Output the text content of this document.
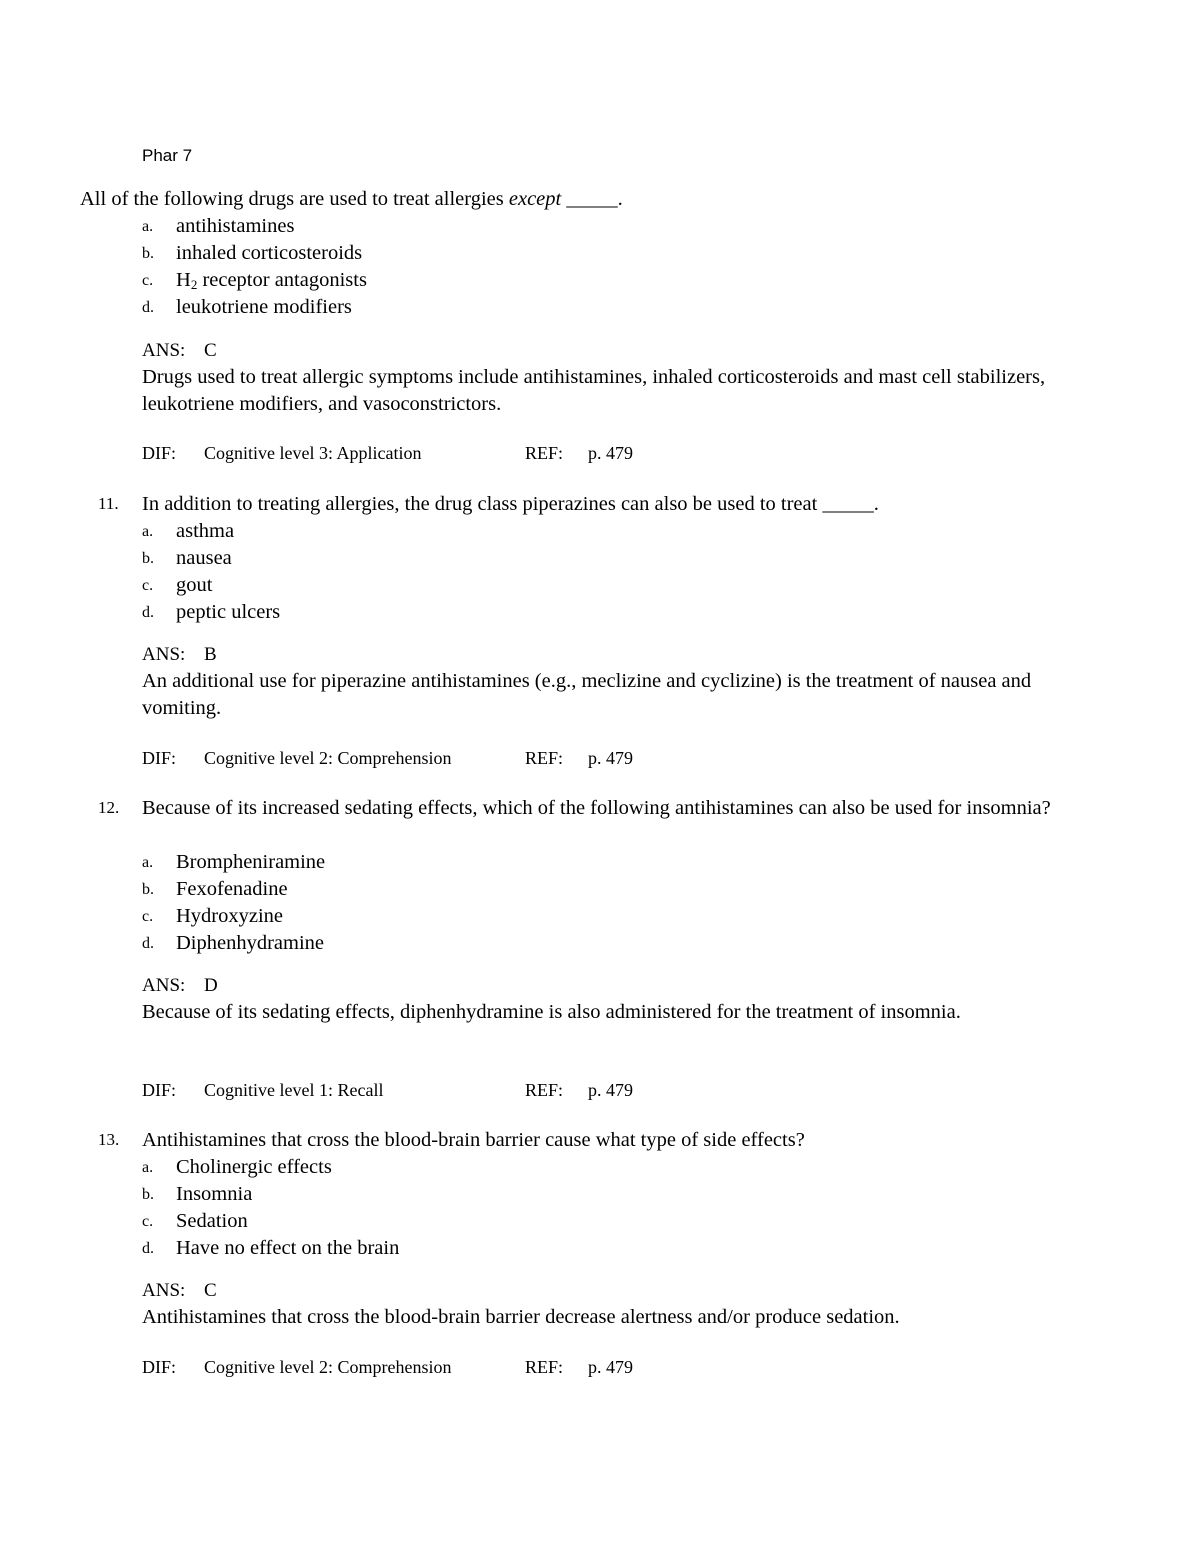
Phar 7
All of the following drugs are used to treat allergies except _____.
a.	antihistamines
b.	inhaled corticosteroids
c.	$H_2$ receptor antagonists
d.	leukotriene modifiers
ANS: C
Drugs used to treat allergic symptoms include antihistamines, inhaled corticosteroids and mast cell stabilizers, leukotriene modifiers, and vasoconstrictors.
DIF: Cognitive level 3: Application	REF: p. 479
11. In addition to treating allergies, the drug class piperazines can also be used to treat _____.
a.	asthma
b.	nausea
c.	gout
d.	peptic ulcers
ANS: B
An additional use for piperazine antihistamines (e.g., meclizine and cyclizine) is the treatment of nausea and vomiting.
DIF: Cognitive level 2: Comprehension	REF: p. 479
12. Because of its increased sedating effects, which of the following antihistamines can also be used for insomnia?
a.	Brompheniramine
b.	Fexofenadine
c.	Hydroxyzine
d.	Diphenhydramine
ANS: D
Because of its sedating effects, diphenhydramine is also administered for the treatment of insomnia.
DIF: Cognitive level 1: Recall	REF: p. 479
13. Antihistamines that cross the blood-brain barrier cause what type of side effects?
a.	Cholinergic effects
b.	Insomnia
c.	Sedation
d.	Have no effect on the brain
ANS: C
Antihistamines that cross the blood-brain barrier decrease alertness and/or produce sedation.
DIF: Cognitive level 2: Comprehension	REF: p. 479
